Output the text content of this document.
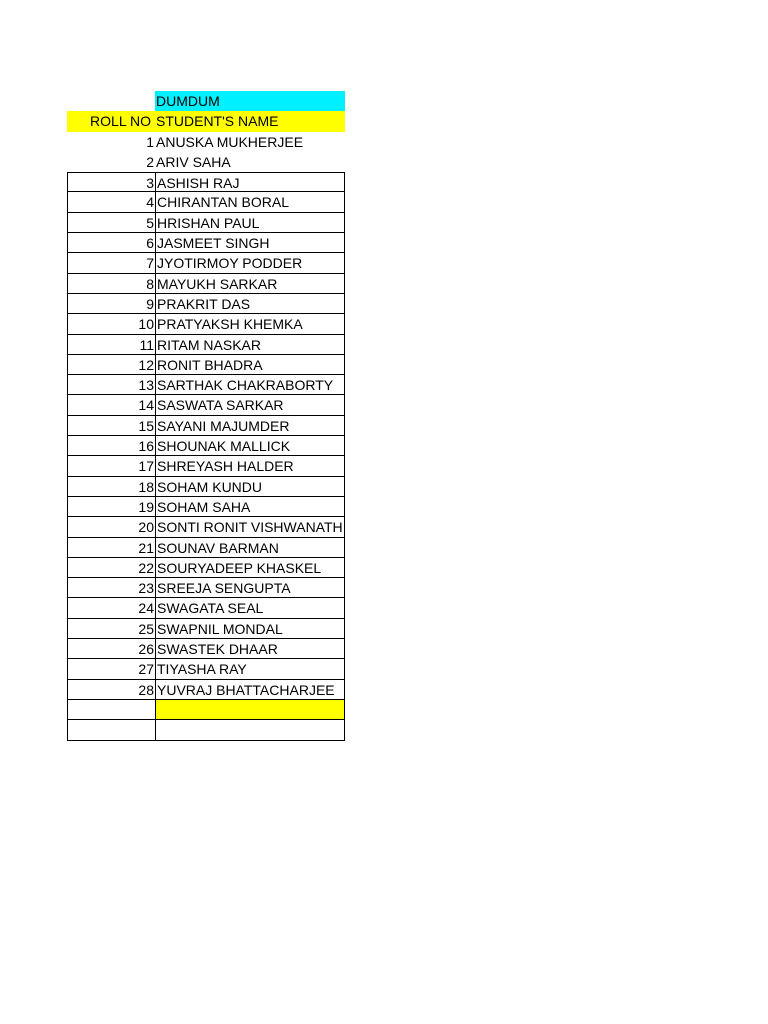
DUMDUM
ROLL NO STUDENT'S NAME
1 ANUSKA MUKHERJEE
2 ARIV SAHA
3 ASHISH RAJ
4 CHIRANTAN BORAL
5 HRISHAN PAUL
6 JASMEET SINGH
7 JYOTIRMOY PODDER
8 MAYUKH SARKAR
9 PRAKRIT DAS
10 PRATYAKSH KHEMKA
11 RITAM NASKAR
12 RONIT BHADRA
13 SARTHAK CHAKRABORTY
14 SASWATA SARKAR
15 SAYANI MAJUMDER
16 SHOUNAK MALLICK
17 SHREYASH HALDER
18 SOHAM KUNDU
19 SOHAM SAHA
20 SONTI RONIT VISHWANATH
21 SOUNAV BARMAN
22 SOURYADEEP KHASKEL
23 SREEJA SENGUPTA
24 SWAGATA SEAL
25 SWAPNIL MONDAL
26 SWASTEK DHAAR
27 TIYASHA RAY
28 YUVRAJ BHATTACHARJEE
